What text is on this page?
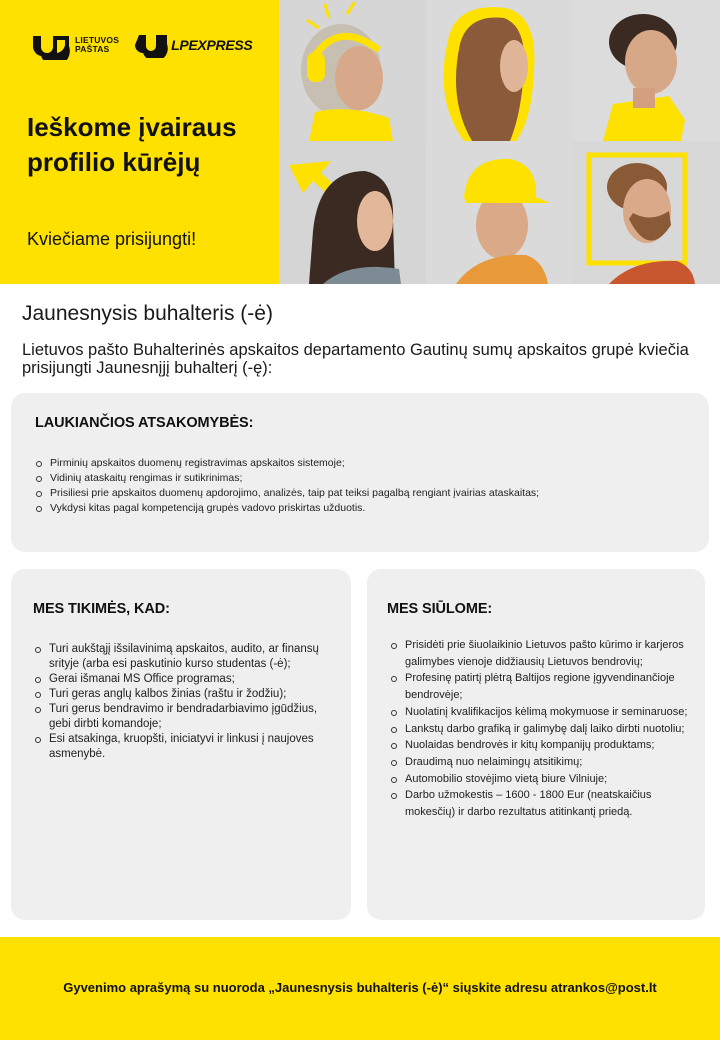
LIETUVOS
PAŠTAS	LPEXPRESS
Ieškome įvairaus profilio kūrėjų
Kviečiame prisijungti!
Jaunesnysis buhalteris (-ė)
Lietuvos pašto Buhalterinės apskaitos departamento Gautinų sumų apskaitos grupė kviečia prisijungti Jaunesnįjį buhalterį (-ę):
LAUKIANČIOS ATSAKOMYBĖS:
Pirminių apskaitos duomenų registravimas apskaitos sistemoje;
Vidinių ataskaitų rengimas ir sutikrinimas;
Prisiliesi prie apskaitos duomenų apdorojimo, analizės, taip pat teiksi pagalbą rengiant įvairias ataskaitas;
Vykdysi kitas pagal kompetenciją grupės vadovo priskirtas užduotis.
MES TIKIMĖS, KAD:
Turi aukštąjį išsilavinimą apskaitos, audito, ar finansų srityje (arba esi paskutinio kurso studentas (-ė);
Gerai išmanai MS Office programas;
Turi geras anglų kalbos žinias (raštu ir žodžiu);
Turi gerus bendravimo ir bendradarbiavimo įgūdžius, gebi dirbti komandoje;
Esi atsakinga, kruopšti, iniciatyvi ir linkusi į naujoves asmenybė.
MES SIŪLOME:
Prisidėti prie šiuolaikinio Lietuvos pašto kūrimo ir karjeros galimybes vienoje didžiausių Lietuvos bendrovių;
Profesinę patirtį plėtrą Baltijos regione įgyvendinančioje bendrovėje;
Nuolatinį kvalifikacijos kėlimą mokymuose ir seminaruose;
Lankstų darbo grafiką ir galimybę dalį laiko dirbti nuotoliu;
Nuolaidas bendrovės ir kitų kompanijų produktams;
Draudimą nuo nelaimingų atsitikimų;
Automobilio stovėjimo vietą biure Vilniuje;
Darbo užmokestis – 1600 - 1800 Eur (neatskaičius mokesčių) ir darbo rezultatus atitinkantį priedą.
Gyvenimo aprašymą su nuoroda „Jaunesnysis buhalteris (-ė)“ siųskite adresu atrankos@post.lt
